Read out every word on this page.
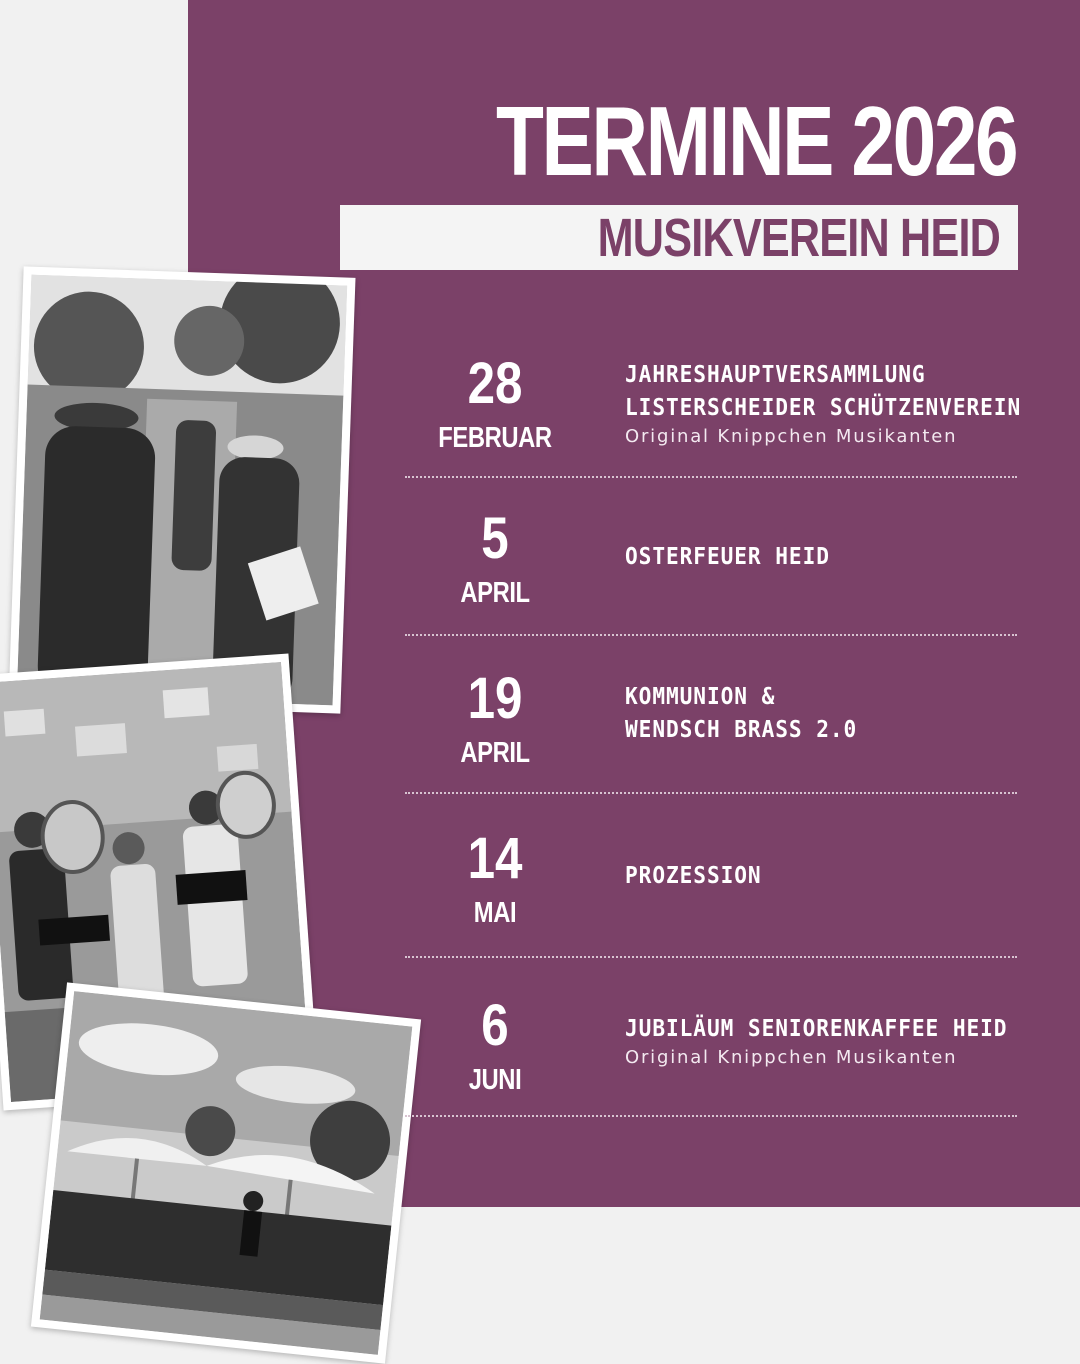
TERMINE 2026
MUSIKVEREIN HEID
28
FEBRUAR
JAHRESHAUPTVERSAMMLUNG
LISTERSCHEIDER SCHÜTZENVEREIN
Original Knippchen Musikanten
5
APRIL
OSTERFEUER HEID
19
APRIL
KOMMUNION &
WENDSCH BRASS 2.0
14
MAI
PROZESSION
6
JUNI
JUBILÄUM SENIORENKAFFEE HEID
Original Knippchen Musikanten
